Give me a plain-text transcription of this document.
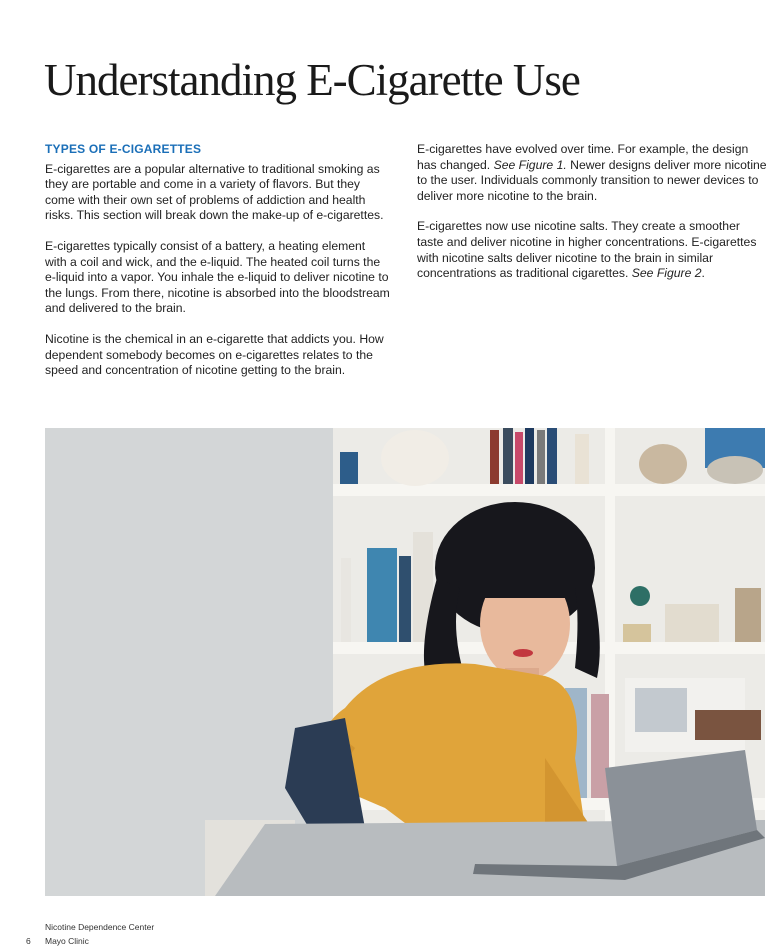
Understanding E-Cigarette Use
TYPES OF E-CIGARETTES

E-cigarettes are a popular alternative to traditional smoking as they are portable and come in a variety of flavors. But they come with their own set of problems of addiction and health risks. This section will break down the make-up of e-cigarettes.

E-cigarettes typically consist of a battery, a heating element with a coil and wick, and the e-liquid. The heated coil turns the e-liquid into a vapor. You inhale the e-liquid to deliver nicotine to the lungs. From there, nicotine is absorbed into the bloodstream and delivered to the brain.

Nicotine is the chemical in an e-cigarette that addicts you. How dependent somebody becomes on e-cigarettes relates to the speed and concentration of nicotine getting to the brain.

E-cigarettes have evolved over time. For example, the design has changed. See Figure 1. Newer designs deliver more nicotine to the user. Individuals commonly transition to newer devices to deliver more nicotine to the brain.

E-cigarettes now use nicotine salts. They create a smoother taste and deliver nicotine in higher concentrations. E-cigarettes with nicotine salts deliver nicotine to the brain in similar concentrations as traditional cigarettes. See Figure 2.

Nicotine Dependence Center
6 Mayo Clinic
